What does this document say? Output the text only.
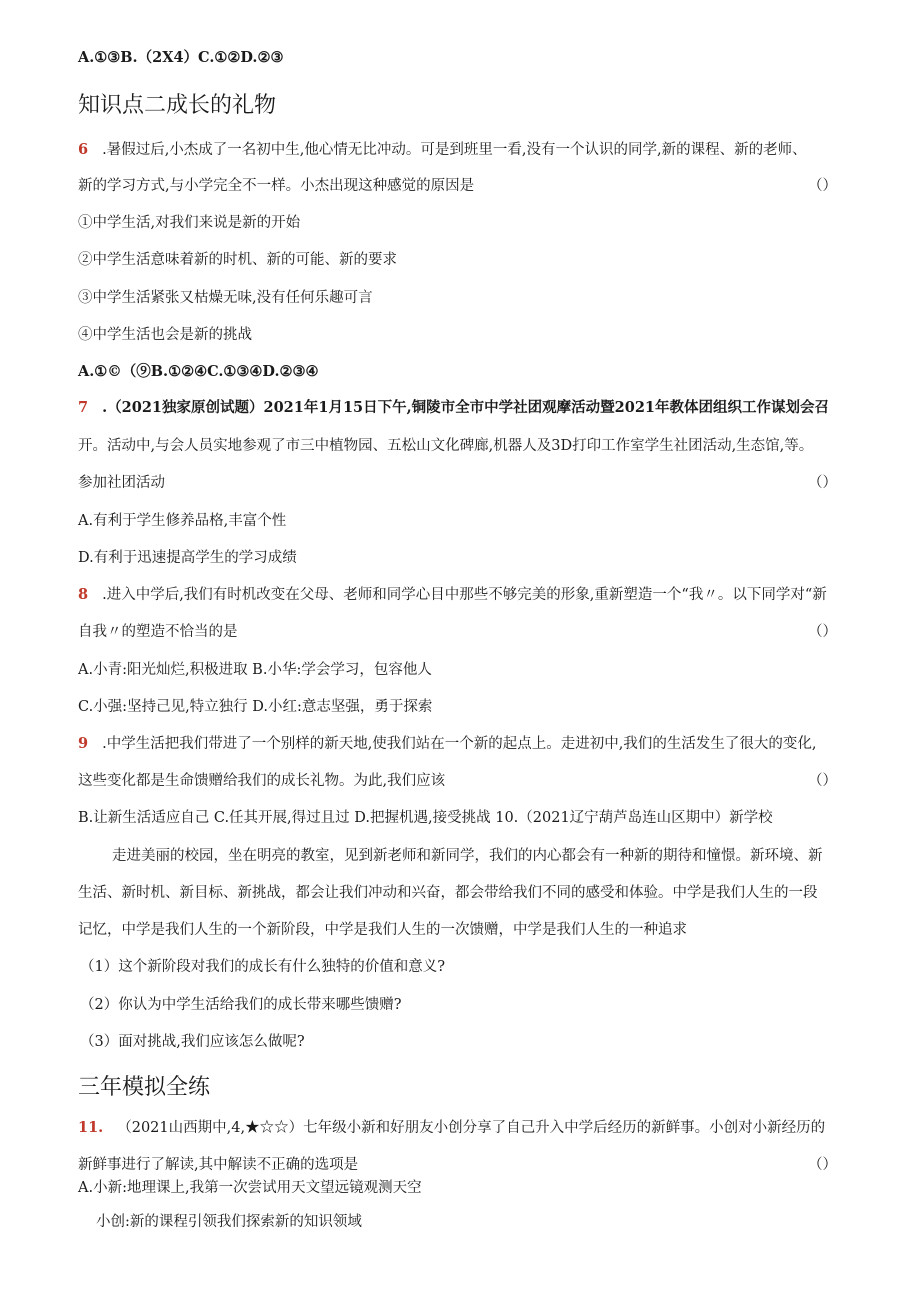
A.①③B.（2X4）C.①②D.②③
知识点二成长的礼物
6 .暑假过后,小杰成了一名初中生,他心情无比冲动。可是到班里一看,没有一个认识的同学,新的课程、新的老师、
新的学习方式,与小学完全不一样。小杰出现这种感觉的原因是	（）
①中学生活,对我们来说是新的开始
②中学生活意味着新的时机、新的可能、新的要求
③中学生活紧张又枯燥无味,没有任何乐趣可言
④中学生活也会是新的挑战
A.①©（⑨B.①②④C.①③④D.②③④
7 .（2021独家原创试题）2021年1月15日下午,铜陵市全市中学社团观摩活动暨2021年教体团组织工作谋划会召
开。活动中,与会人员实地参观了市三中植物园、五松山文化碑廊,机器人及3D打印工作室学生社团活动,生态馆,等。
参加社团活动	（）
A.有利于学生修养品格,丰富个性
D.有利于迅速提高学生的学习成绩
8 .进入中学后,我们有时机改变在父母、老师和同学心目中那些不够完美的形象,重新塑造一个“我〃。以下同学对“新
自我〃的塑造不恰当的是	（）
A.小青:阳光灿烂,积极进取 B.小华:学会学习，包容他人
C.小强:坚持己见,特立独行 D.小红:意志坚强，勇于探索
9 .中学生活把我们带进了一个别样的新天地,使我们站在一个新的起点上。走进初中,我们的生活发生了很大的变化,
这些变化都是生命馈赠给我们的成长礼物。为此,我们应该	（）
B.让新生活适应自己 C.任其开展,得过且过 D.把握机遇,接受挑战 10.（2021辽宁葫芦岛连山区期中）新学校
走进美丽的校园，坐在明亮的教室，见到新老师和新同学，我们的内心都会有一种新的期待和憧憬。新环境、新
生活、新时机、新目标、新挑战，都会让我们冲动和兴奋，都会带给我们不同的感受和体验。中学是我们人生的一段
记忆，中学是我们人生的一个新阶段，中学是我们人生的一次馈赠，中学是我们人生的一种追求
（1）这个新阶段对我们的成长有什么独特的价值和意义?
（2）你认为中学生活给我们的成长带来哪些馈赠?
（3）面对挑战,我们应该怎么做呢?
三年模拟全练
11. （2021山西期中,4,★☆☆）七年级小新和好朋友小创分享了自己升入中学后经历的新鲜事。小创对小新经历的
新鲜事进行了解读,其中解读不正确的选项是	（）
A.小新:地理课上,我第一次尝试用天文望远镜观测天空
小创:新的课程引领我们探索新的知识领域
